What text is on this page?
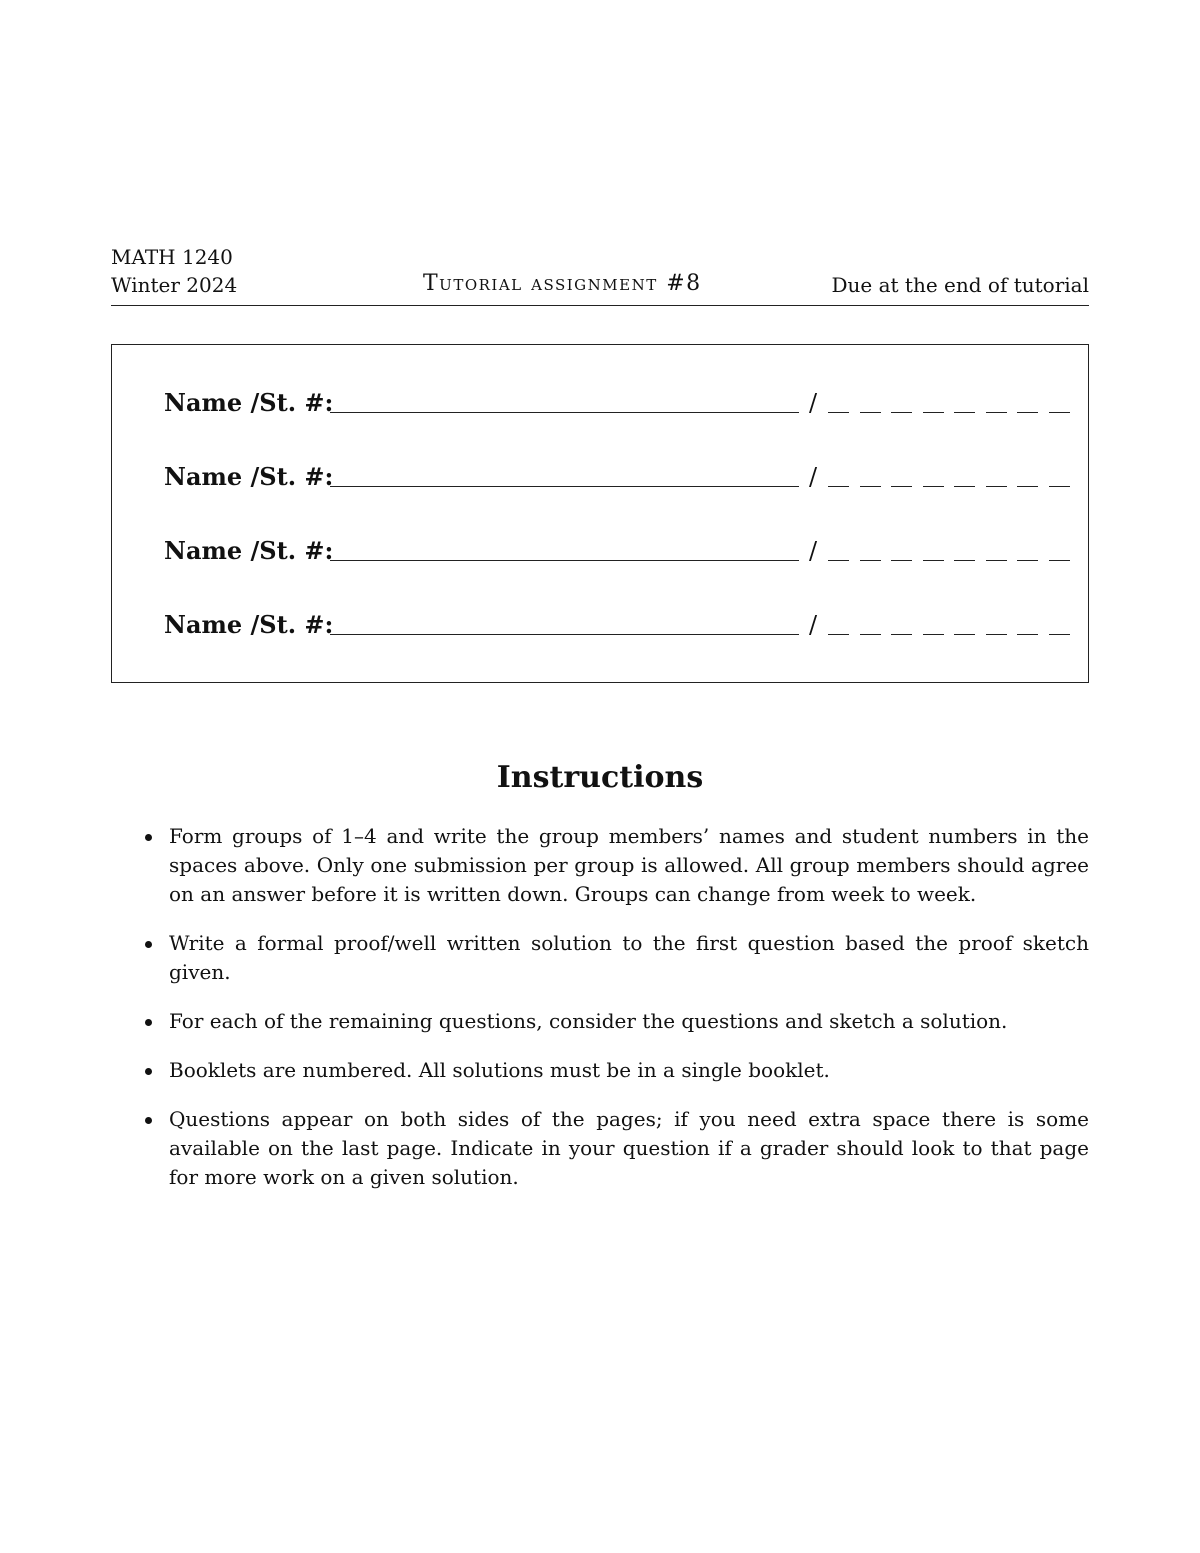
MATH 1240
Winter 2024	Tutorial assignment #8	Due at the end of tutorial
Name /St. #:	/
Name /St. #:	/
Name /St. #:	/
Name /St. #:	/
Instructions
Form groups of 1–4 and write the group members’ names and student numbers in the spaces above. Only one submission per group is allowed. All group members should agree on an answer before it is written down. Groups can change from week to week.
Write a formal proof/well written solution to the first question based the proof sketch given.
For each of the remaining questions, consider the questions and sketch a solution.
Booklets are numbered. All solutions must be in a single booklet.
Questions appear on both sides of the pages; if you need extra space there is some available on the last page. Indicate in your question if a grader should look to that page for more work on a given solution.
